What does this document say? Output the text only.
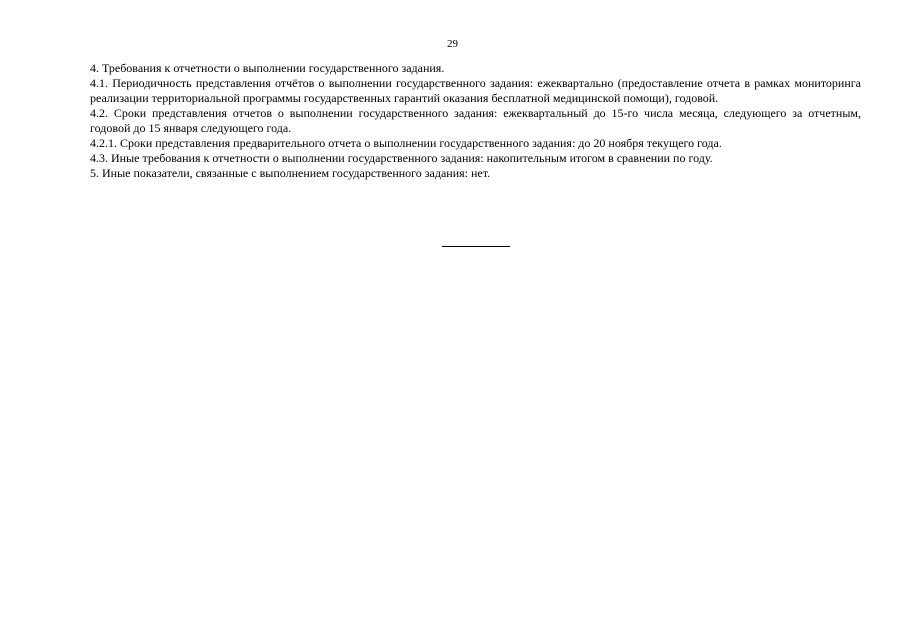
29

4. Требования к отчетности о выполнении государственного задания.

4.1. Периодичность представления отчётов о выполнении государственного задания: ежеквартально (предоставление отчета в рамках мониторинга реализации территориальной программы государственных гарантий оказания бесплатной медицинской помощи), годовой.

4.2. Сроки представления отчетов о выполнении государственного задания: ежеквартальный до 15-го числа месяца, следующего за отчетным, годовой до 15 января следующего года.

4.2.1. Сроки представления предварительного отчета о выполнении государственного задания: до 20 ноября текущего года.

4.3. Иные требования к отчетности о выполнении государственного задания: накопительным итогом в сравнении по году.

5. Иные показатели, связанные с выполнением государственного задания: нет.
